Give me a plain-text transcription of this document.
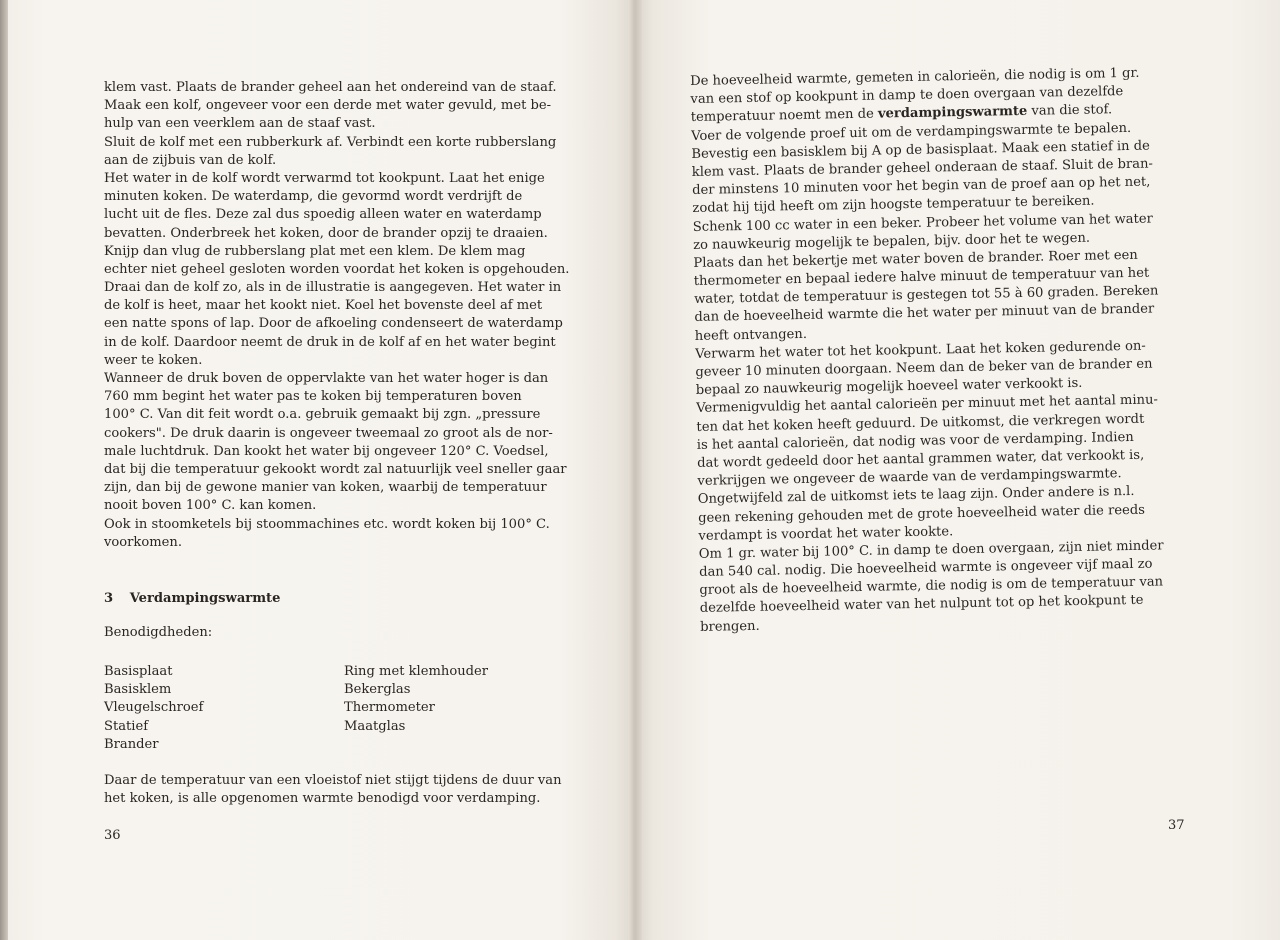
klem vast. Plaats de brander geheel aan het ondereind van de staaf.
Maak een kolf, ongeveer voor een derde met water gevuld, met be-
hulp van een veerklem aan de staaf vast.
Sluit de kolf met een rubberkurk af. Verbindt een korte rubberslang
aan de zijbuis van de kolf.
Het water in de kolf wordt verwarmd tot kookpunt. Laat het enige
minuten koken. De waterdamp, die gevormd wordt verdrijft de
lucht uit de fles. Deze zal dus spoedig alleen water en waterdamp
bevatten. Onderbreek het koken, door de brander opzij te draaien.
Knijp dan vlug de rubberslang plat met een klem. De klem mag
echter niet geheel gesloten worden voordat het koken is opgehouden.
Draai dan de kolf zo, als in de illustratie is aangegeven. Het water in
de kolf is heet, maar het kookt niet. Koel het bovenste deel af met
een natte spons of lap. Door de afkoeling condenseert de waterdamp
in de kolf. Daardoor neemt de druk in de kolf af en het water begint
weer te koken.
Wanneer de druk boven de oppervlakte van het water hoger is dan
760 mm begint het water pas te koken bij temperaturen boven
100° C. Van dit feit wordt o.a. gebruik gemaakt bij zgn. „pressure
cookers". De druk daarin is ongeveer tweemaal zo groot als de nor-
male luchtdruk. Dan kookt het water bij ongeveer 120° C. Voedsel,
dat bij die temperatuur gekookt wordt zal natuurlijk veel sneller gaar
zijn, dan bij de gewone manier van koken, waarbij de temperatuur
nooit boven 100° C. kan komen.
Ook in stoomketels bij stoommachines etc. wordt koken bij 100° C.
voorkomen.
3 Verdampingswarmte
Benodigdheden:
Basisplaat
Basisklem
Vleugelschroef
Statief
Brander
Ring met klemhouder
Bekerglas
Thermometer
Maatglas
Daar de temperatuur van een vloeistof niet stijgt tijdens de duur van
het koken, is alle opgenomen warmte benodigd voor verdamping.
36
De hoeveelheid warmte, gemeten in calorieën, die nodig is om 1 gr.
van een stof op kookpunt in damp te doen overgaan van dezelfde
temperatuur noemt men de verdampingswarmte van die stof.
Voer de volgende proef uit om de verdampingswarmte te bepalen.
Bevestig een basisklem bij A op de basisplaat. Maak een statief in de
klem vast. Plaats de brander geheel onderaan de staaf. Sluit de bran-
der minstens 10 minuten voor het begin van de proef aan op het net,
zodat hij tijd heeft om zijn hoogste temperatuur te bereiken.
Schenk 100 cc water in een beker. Probeer het volume van het water
zo nauwkeurig mogelijk te bepalen, bijv. door het te wegen.
Plaats dan het bekertje met water boven de brander. Roer met een
thermometer en bepaal iedere halve minuut de temperatuur van het
water, totdat de temperatuur is gestegen tot 55 à 60 graden. Bereken
dan de hoeveelheid warmte die het water per minuut van de brander
heeft ontvangen.
Verwarm het water tot het kookpunt. Laat het koken gedurende on-
geveer 10 minuten doorgaan. Neem dan de beker van de brander en
bepaal zo nauwkeurig mogelijk hoeveel water verkookt is.
Vermenigvuldig het aantal calorieën per minuut met het aantal minu-
ten dat het koken heeft geduurd. De uitkomst, die verkregen wordt
is het aantal calorieën, dat nodig was voor de verdamping. Indien
dat wordt gedeeld door het aantal grammen water, dat verkookt is,
verkrijgen we ongeveer de waarde van de verdampingswarmte.
Ongetwijfeld zal de uitkomst iets te laag zijn. Onder andere is n.l.
geen rekening gehouden met de grote hoeveelheid water die reeds
verdampt is voordat het water kookte.
Om 1 gr. water bij 100° C. in damp te doen overgaan, zijn niet minder
dan 540 cal. nodig. Die hoeveelheid warmte is ongeveer vijf maal zo
groot als de hoeveelheid warmte, die nodig is om de temperatuur van
dezelfde hoeveelheid water van het nulpunt tot op het kookpunt te
brengen.
37
